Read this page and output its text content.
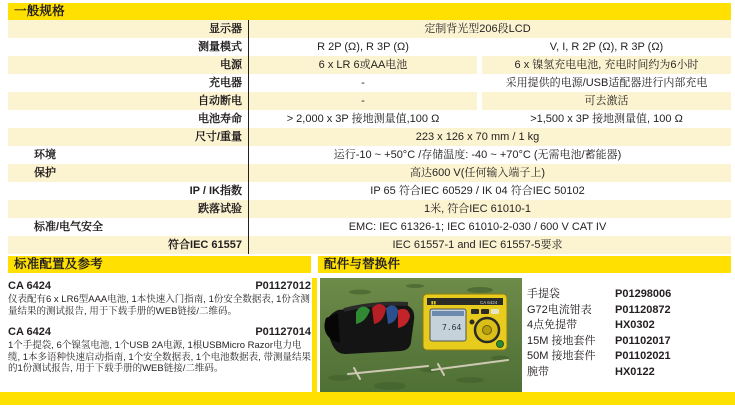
一般规格
显示器	定制背光型206段LCD
测量模式	R 2P (Ω), R 3P (Ω)	V, I, R 2P (Ω), R 3P (Ω)
电源	6 x LR 6或AA电池	6 x 镍氢充电电池, 充电时间约为6小时
充电器	-	采用提供的电源/USB适配器进行内部充电
自动断电	-	可去激活
电池寿命	> 2,000 x 3P 接地测量值,100 Ω	>1,500 x 3P 接地测量值, 100 Ω
尺寸/重量	223 x 126 x 70 mm / 1 kg
环境	运行-10 ~ +50°C /存储温度: -40 ~ +70°C (无需电池/蓄能器)
保护	高达600 V(任何输入端子上)
IP / IK指数	IP 65 符合IEC 60529 / IK 04 符合IEC 50102
跌落试验	1米, 符合IEC 61010-1
标准/电气安全	EMC: IEC 61326-1; IEC 61010-2-030 / 600 V CAT IV
符合IEC 61557	IEC 61557-1 and IEC 61557-5要求
标准配置及参考	配件与替换件
CA 6424	P01127012
仪表配有6 x LR6型AAA电池, 1本快速入门指南, 1份安全数据表, 1份含测量结果的测试报告, 用于下载手册的WEB链接/二维码。
CA 6424	P01127014
1个手提袋, 6个镍氢电池, 1个USB 2A电源, 1根USBMicro Razor电力电缆, 1本多语种快速启动指南, 1个安全数据表, 1个电池数据表, 带测量结果的1份测试报告, 用于下载手册的WEB链接/二维码。
▮▮	CA 6424
7.64
手提袋	P01298006
G72电流钳表	P01120872
4点免提带	HX0302
15M 接地套件	P01102017
50M 接地套件	P01102021
腕带	HX0122
